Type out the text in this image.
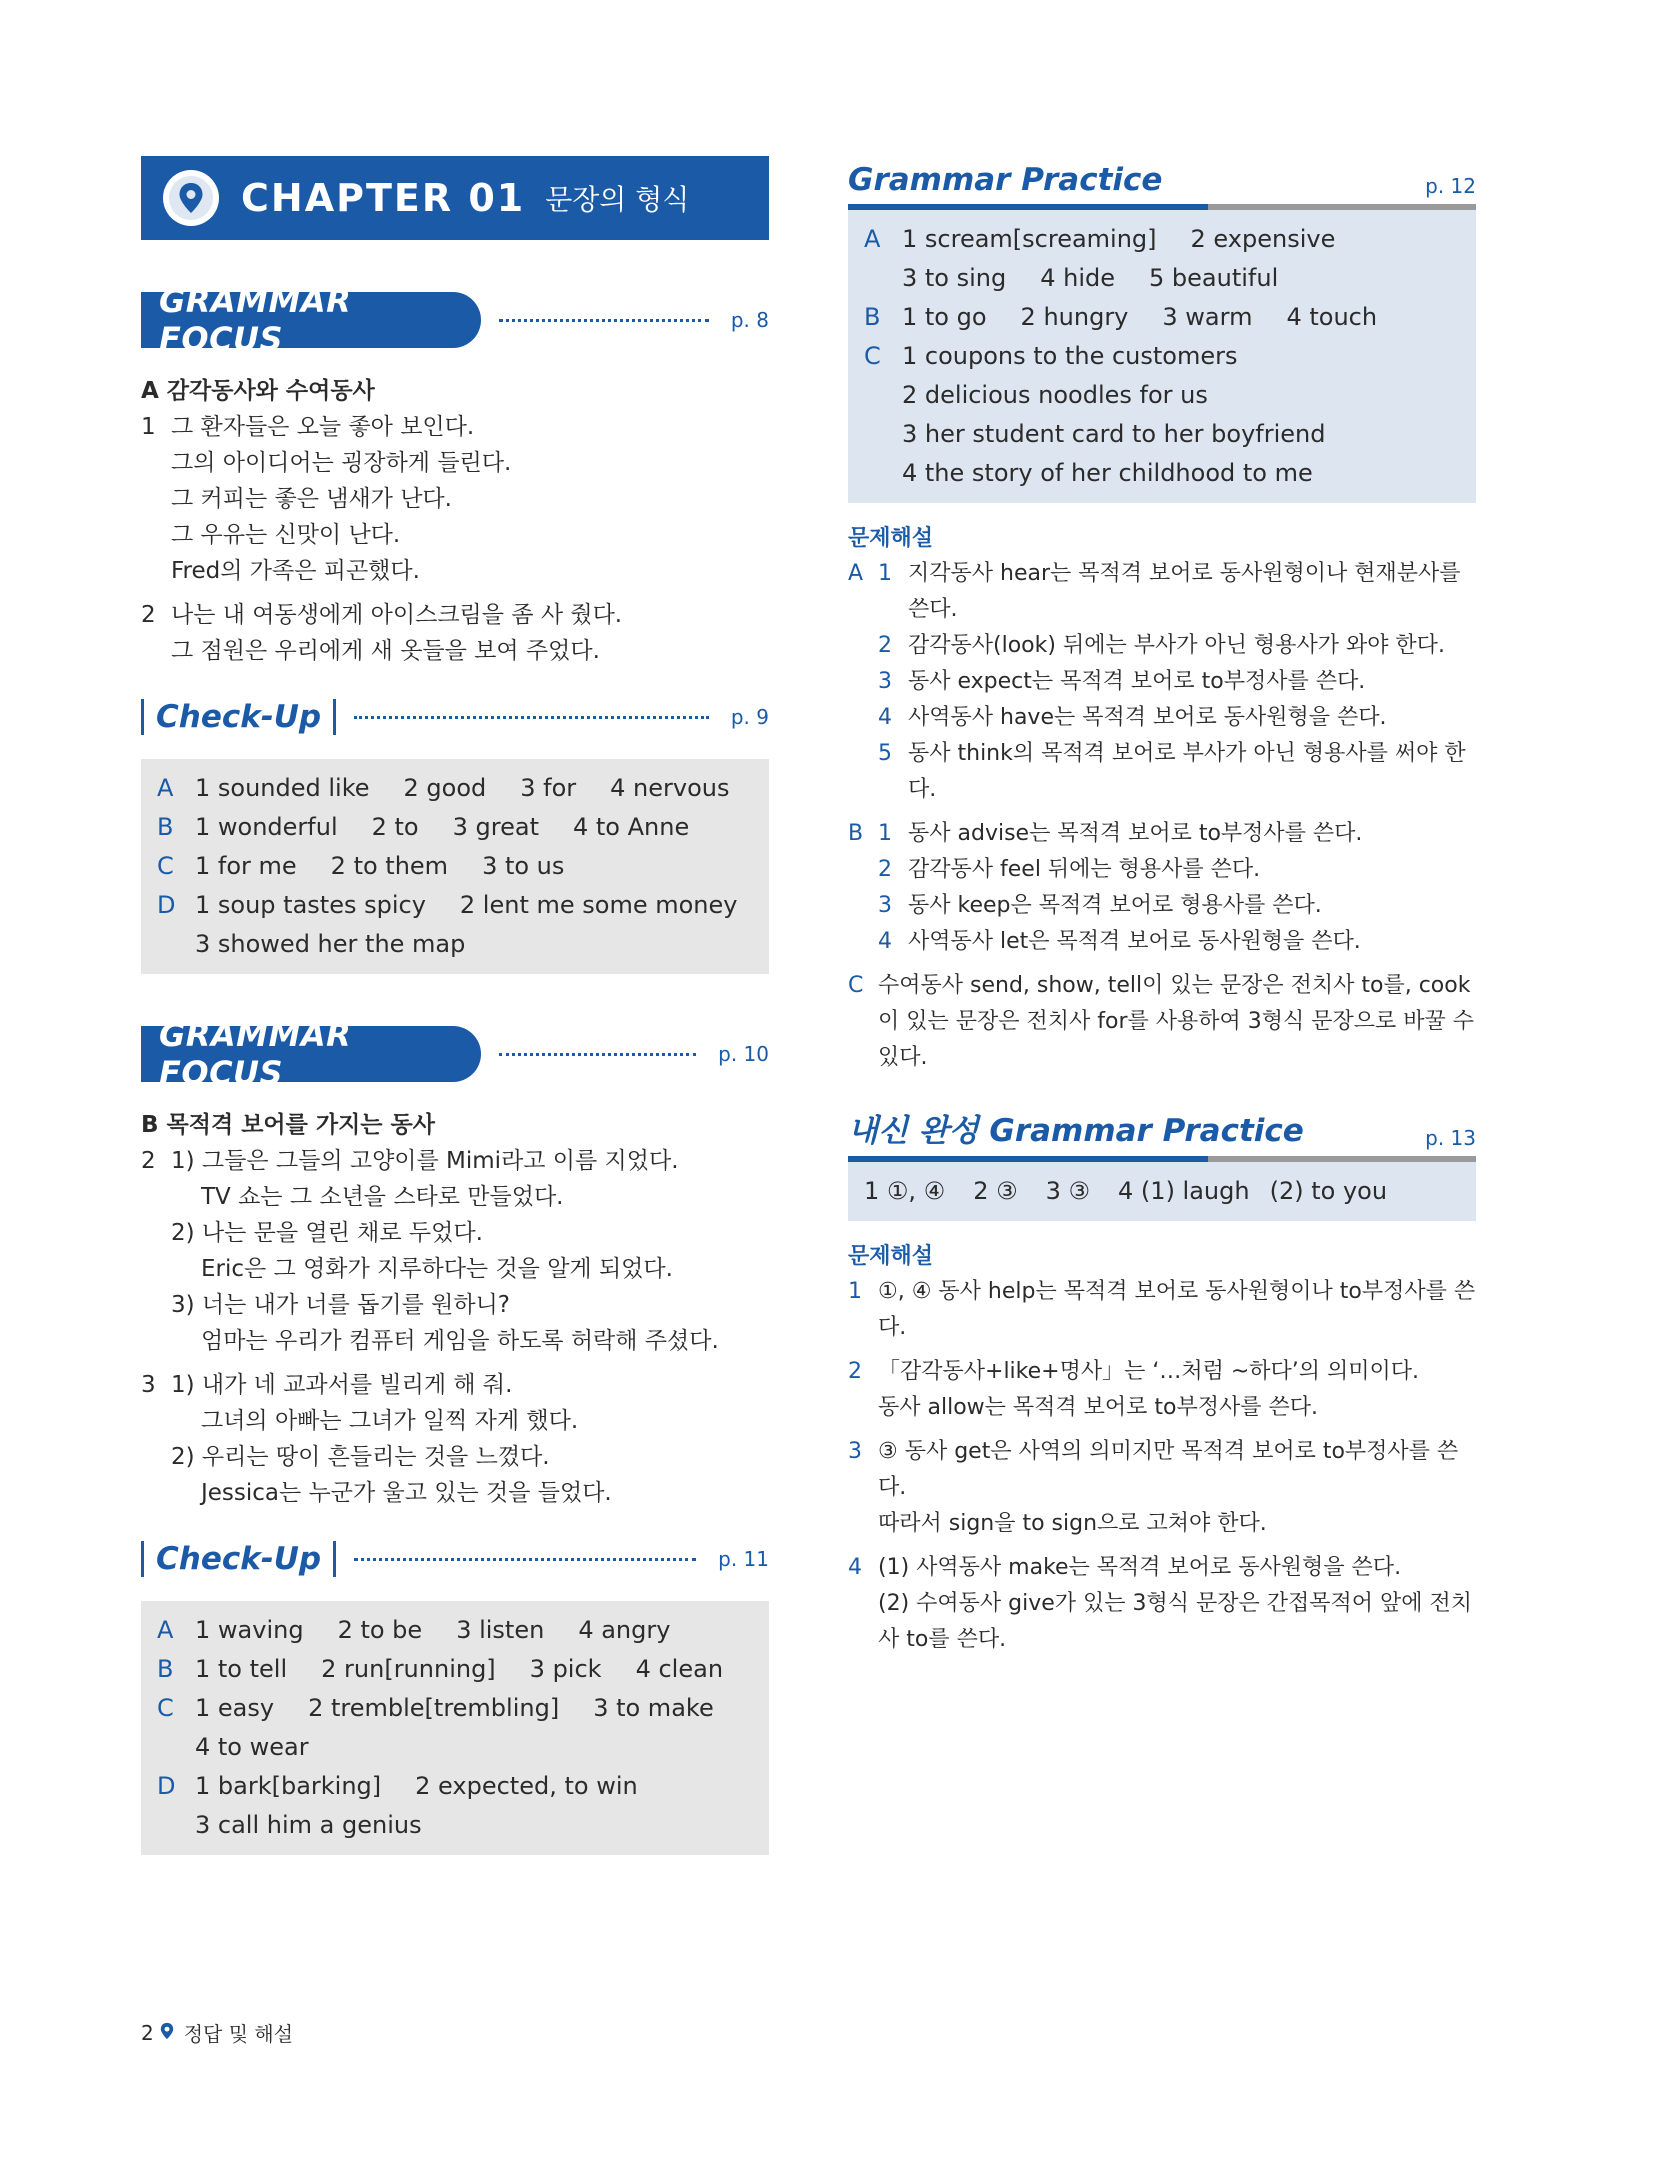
CHAPTER 01 문장의 형식
GRAMMAR FOCUS	p. 8
A 감각동사와 수여동사
1 그 환자들은 오늘 좋아 보인다.
그의 아이디어는 굉장하게 들린다.
그 커피는 좋은 냄새가 난다.
그 우유는 신맛이 난다.
Fred의 가족은 피곤했다.
2 나는 내 여동생에게 아이스크림을 좀 사 줬다.
그 점원은 우리에게 새 옷들을 보여 주었다.
Check-Up	p. 9
A 1 sounded like 2 good 3 for 4 nervous
B 1 wonderful 2 to 3 great 4 to Anne
C 1 for me 2 to them 3 to us
D 1 soup tastes spicy 2 lent me some money
3 showed her the map
GRAMMAR FOCUS	p. 10
B 목적격 보어를 가지는 동사
2 1) 그들은 그들의 고양이를 Mimi라고 이름 지었다.
TV 쇼는 그 소년을 스타로 만들었다.
2) 나는 문을 열린 채로 두었다.
Eric은 그 영화가 지루하다는 것을 알게 되었다.
3) 너는 내가 너를 돕기를 원하니?
엄마는 우리가 컴퓨터 게임을 하도록 허락해 주셨다.
3 1) 내가 네 교과서를 빌리게 해 줘.
그녀의 아빠는 그녀가 일찍 자게 했다.
2) 우리는 땅이 흔들리는 것을 느꼈다.
Jessica는 누군가 울고 있는 것을 들었다.
Check-Up	p. 11
A 1 waving 2 to be 3 listen 4 angry
B 1 to tell 2 run[running] 3 pick 4 clean
C 1 easy 2 tremble[trembling] 3 to make
4 to wear
D 1 bark[barking] 2 expected, to win
3 call him a genius
Grammar Practice	p. 12
A 1 scream[screaming] 2 expensive
3 to sing 4 hide 5 beautiful
B 1 to go 2 hungry 3 warm 4 touch
C 1 coupons to the customers
2 delicious noodles for us
3 her student card to her boyfriend
4 the story of her childhood to me
문제해설
A 1 지각동사 hear는 목적격 보어로 동사원형이나 현재분사를 쓴다.
2 감각동사(look) 뒤에는 부사가 아닌 형용사가 와야 한다.
3 동사 expect는 목적격 보어로 to부정사를 쓴다.
4 사역동사 have는 목적격 보어로 동사원형을 쓴다.
5 동사 think의 목적격 보어로 부사가 아닌 형용사를 써야 한다.
B 1 동사 advise는 목적격 보어로 to부정사를 쓴다.
2 감각동사 feel 뒤에는 형용사를 쓴다.
3 동사 keep은 목적격 보어로 형용사를 쓴다.
4 사역동사 let은 목적격 보어로 동사원형을 쓴다.
C 수여동사 send, show, tell이 있는 문장은 전치사 to를, cook이 있는 문장은 전치사 for를 사용하여 3형식 문장으로 바꿀 수 있다.
내신 완성 Grammar Practice	p. 13
1 ①, ④ 2 ③ 3 ③ 4 (1) laugh (2) to you
문제해설
1 ①, ④ 동사 help는 목적격 보어로 동사원형이나 to부정사를 쓴다.
2 「감각동사+like+명사」는 ‘…처럼 ~하다’의 의미이다.
동사 allow는 목적격 보어로 to부정사를 쓴다.
3 ③ 동사 get은 사역의 의미지만 목적격 보어로 to부정사를 쓴다.
따라서 sign을 to sign으로 고쳐야 한다.
4 (1) 사역동사 make는 목적격 보어로 동사원형을 쓴다.
(2) 수여동사 give가 있는 3형식 문장은 간접목적어 앞에 전치사 to를 쓴다.
2 정답 및 해설
